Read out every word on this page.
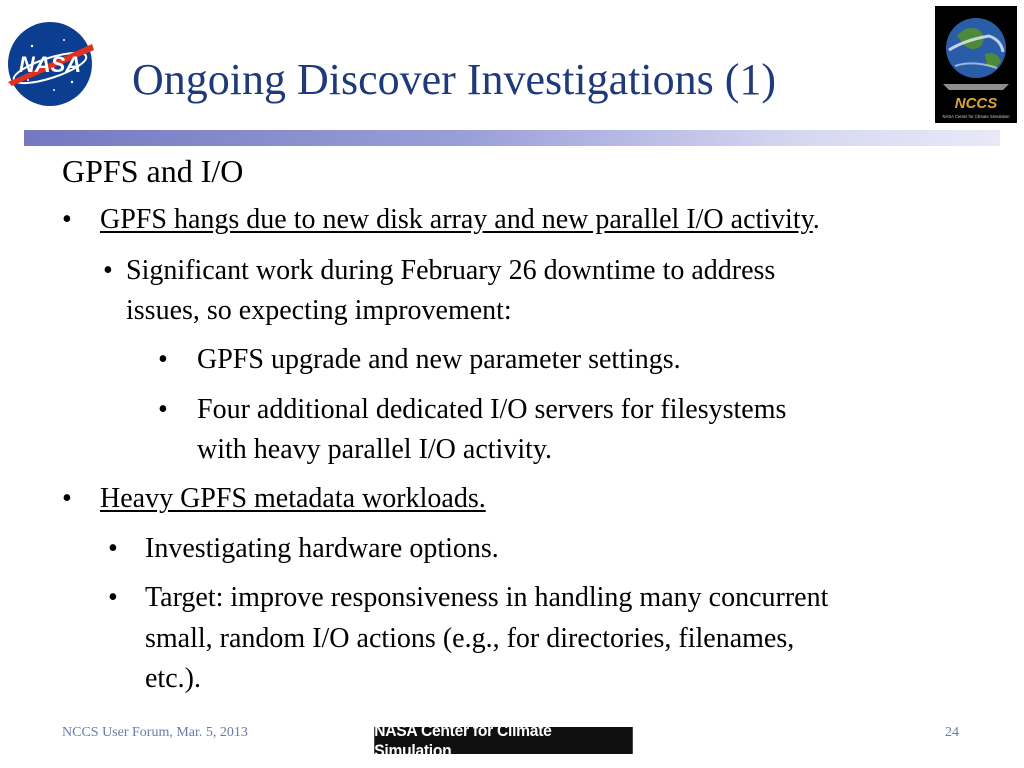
NASA
NCCS
NASA Center for Climate Simulation
Ongoing Discover Investigations (1)
GPFS and I/O
• GPFS hangs due to new disk array and new parallel I/O activity.
• Significant work during February 26 downtime to address
issues, so expecting improvement:
• GPFS upgrade and new parameter settings.
• Four additional dedicated I/O servers for filesystems
with heavy parallel I/O activity.
• Heavy GPFS metadata workloads.
• Investigating hardware options.
• Target: improve responsiveness in handling many concurrent
small, random I/O actions (e.g., for directories, filenames,
etc.).
NCCS User Forum, Mar. 5, 2013	NASA Center for Climate Simulation
24
